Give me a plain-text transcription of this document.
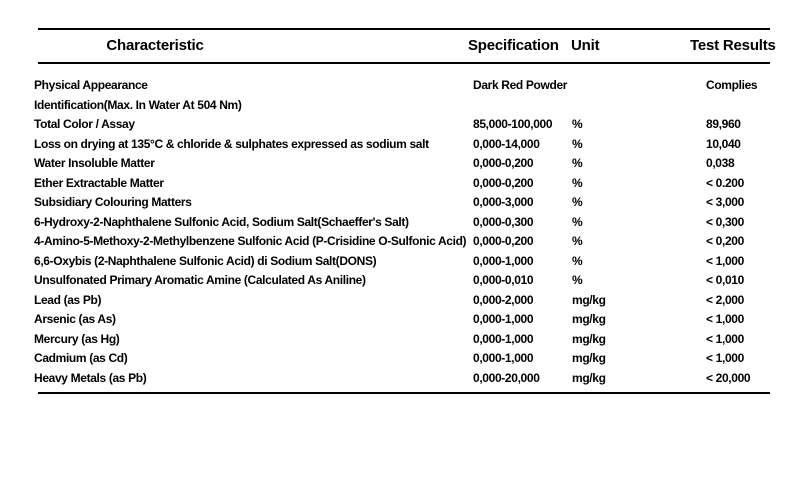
Characteristic	Specification Unit	Test Results
Physical Appearance	Dark Red Powder	Complies
Identification(Max. In Water At 504 Nm)
Total Color / Assay	85,000-100,000 %	89,960
Loss on drying at 135°C & chloride & sulphates expressed as sodium salt	0,000-14,000	%	10,040
Water Insoluble Matter	0,000-0,200	%	0,038
Ether Extractable Matter	0,000-0,200	%	< 0.200
Subsidiary Colouring Matters	0,000-3,000	%	< 3,000
6-Hydroxy-2-Naphthalene Sulfonic Acid, Sodium Salt(Schaeffer's Salt)	0,000-0,300	%	< 0,300
4-Amino-5-Methoxy-2-Methylbenzene Sulfonic Acid (P-Crisidine O-Sulfonic Acid) 0,000-0,200	%	< 0,200
6,6-Oxybis (2-Naphthalene Sulfonic Acid) di Sodium Salt(DONS)	0,000-1,000	%	< 1,000
Unsulfonated Primary Aromatic Amine (Calculated As Aniline)	0,000-0,010	%	< 0,010
Lead (as Pb)	0,000-2,000	mg/kg	< 2,000
Arsenic (as As)	0,000-1,000	mg/kg	< 1,000
Mercury (as Hg)	0,000-1,000	mg/kg	< 1,000
Cadmium (as Cd)	0,000-1,000	mg/kg	< 1,000
Heavy Metals (as Pb)	0,000-20,000	mg/kg	< 20,000
